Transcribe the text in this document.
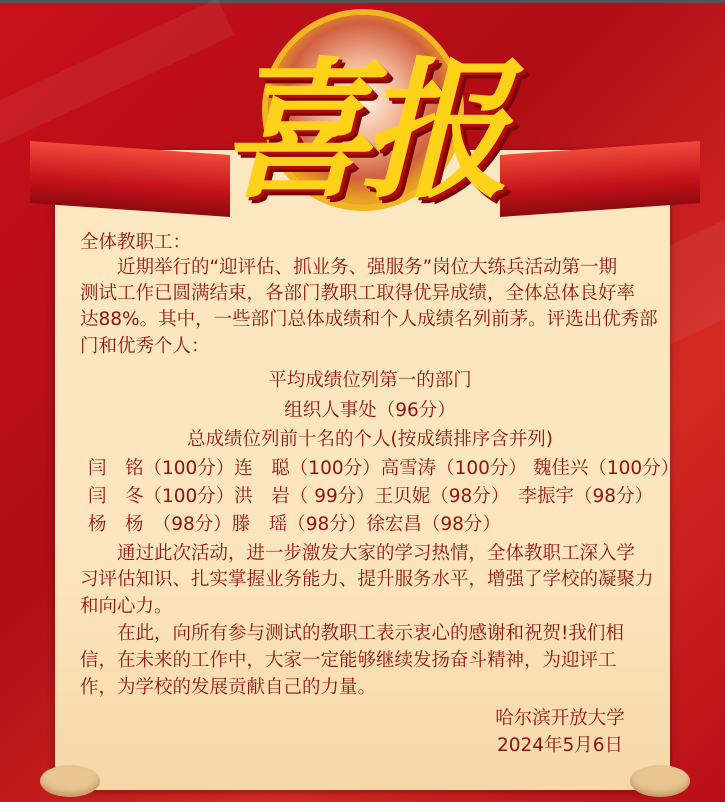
喜报
全体教职工：
　　近期举行的“迎评估、抓业务、强服务”岗位大练兵活动第一期
测试工作已圆满结束，各部门教职工取得优异成绩，全体总体良好率
达88%。其中，一些部门总体成绩和个人成绩名列前茅。评选出优秀部
门和优秀个人：
平均成绩位列第一的部门
组织人事处（96分）
总成绩位列前十名的个人(按成绩排序含并列)
闫　铭（100分）连　聪（100分）高雪涛（100分） 魏佳兴（100分）
闫　冬（100分）洪　岩（ 99分）王贝妮（98分）　李振宇（98分）
杨　杨　（98分）滕　瑶（98分）徐宏昌（98分）
　　通过此次活动，进一步激发大家的学习热情，全体教职工深入学
习评估知识、扎实掌握业务能力、提升服务水平，增强了学校的凝聚力
和向心力。
　　在此，向所有参与测试的教职工表示衷心的感谢和祝贺!我们相
信，在未来的工作中，大家一定能够继续发扬奋斗精神，为迎评工
作，为学校的发展贡献自己的力量。
哈尔滨开放大学
2024年5月6日
